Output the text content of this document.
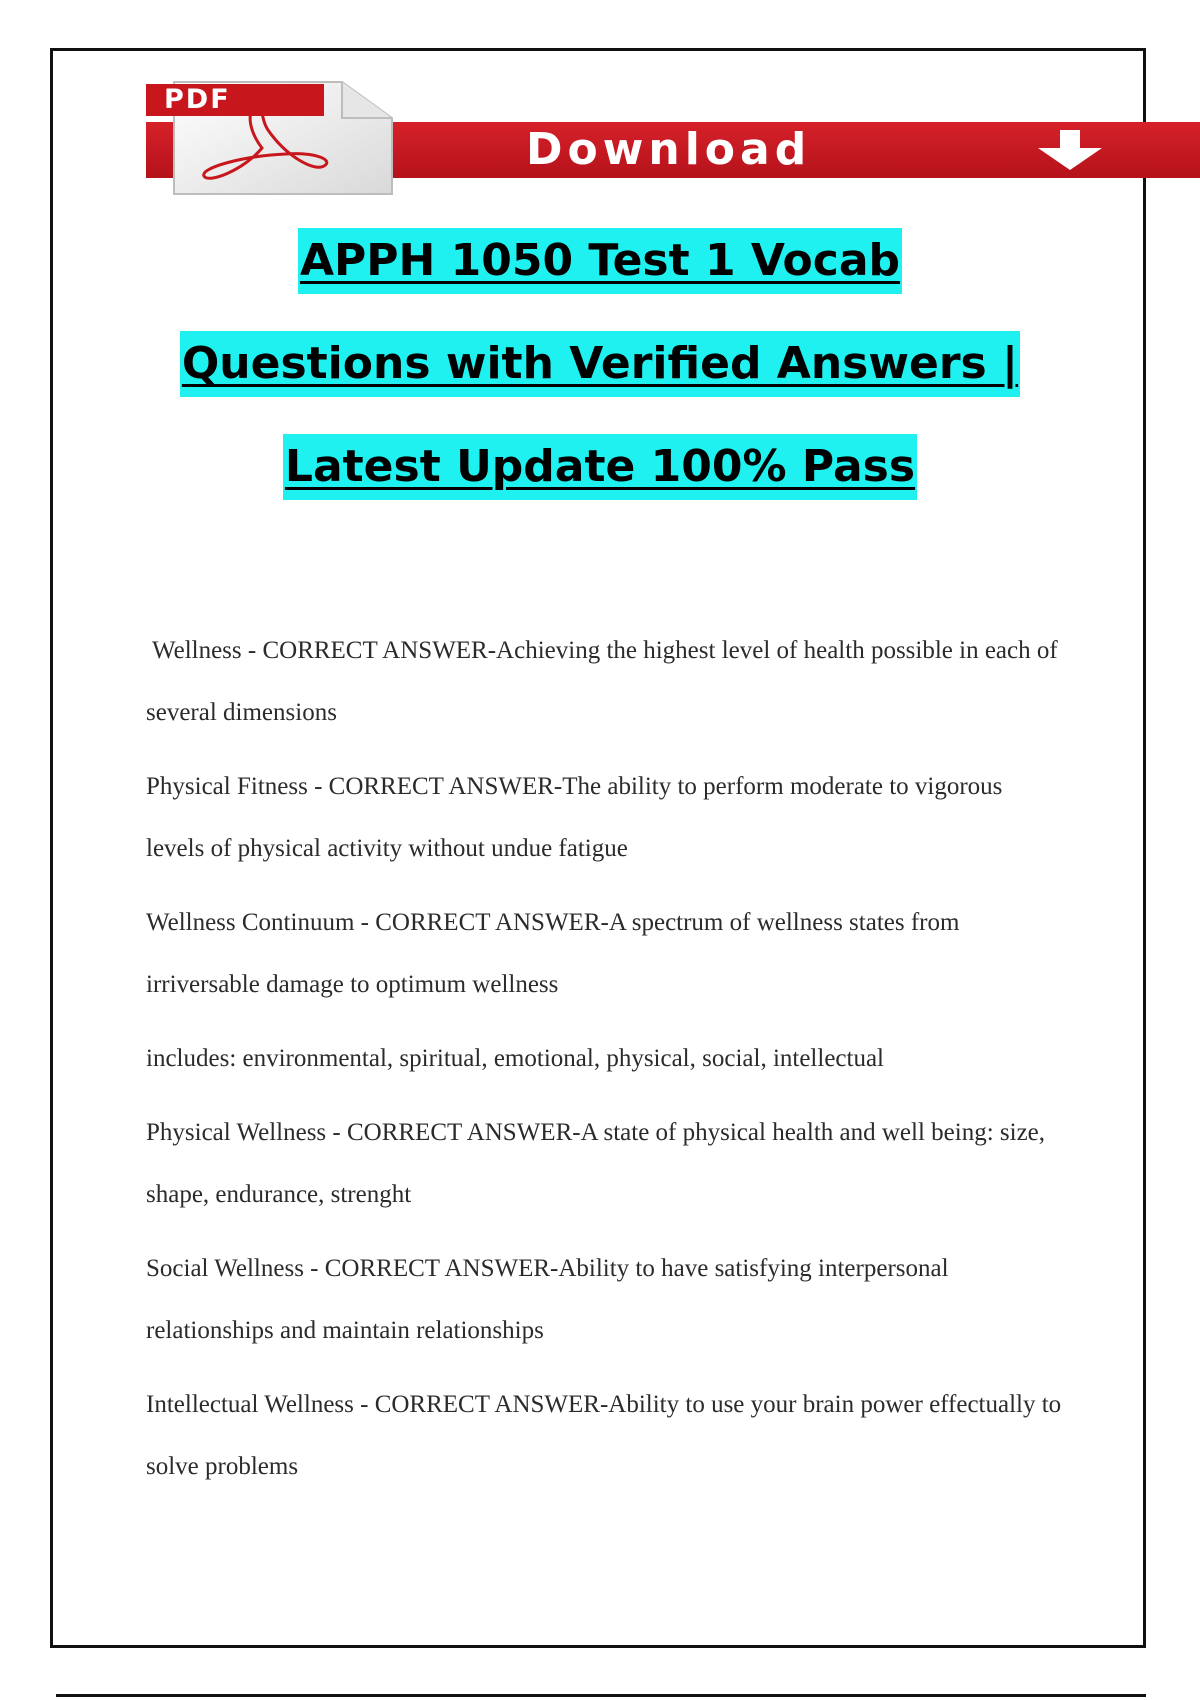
Download
PDF
APPH 1050 Test 1 Vocab
Questions with Verified Answers |
Latest Update 100% Pass

Wellness - CORRECT ANSWER-Achieving the highest level of health possible in each of several dimensions

Physical Fitness - CORRECT ANSWER-The ability to perform moderate to vigorous levels of physical activity without undue fatigue

Wellness Continuum - CORRECT ANSWER-A spectrum of wellness states from irriversable damage to optimum wellness

includes: environmental, spiritual, emotional, physical, social, intellectual

Physical Wellness - CORRECT ANSWER-A state of physical health and well being: size, shape, endurance, strenght

Social Wellness - CORRECT ANSWER-Ability to have satisfying interpersonal relationships and maintain relationships

Intellectual Wellness - CORRECT ANSWER-Ability to use your brain power effectually to solve problems
